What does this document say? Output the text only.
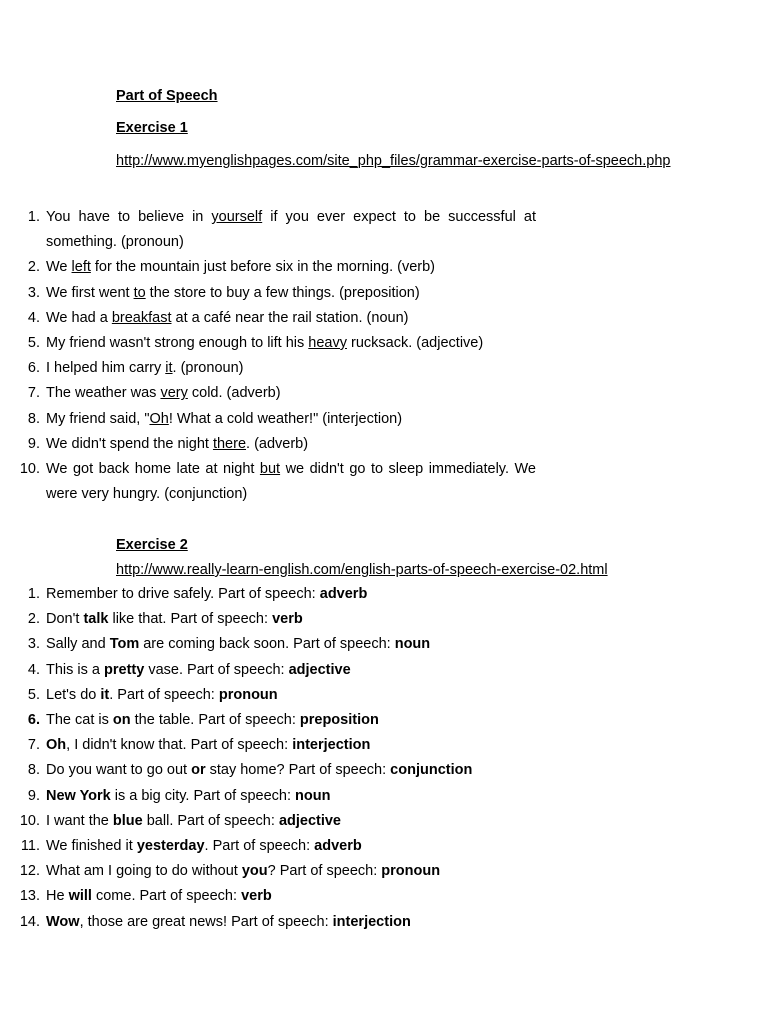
Part of Speech
Exercise 1
http://www.myenglishpages.com/site_php_files/grammar-exercise-parts-of-speech.php
1. You have to believe in yourself if you ever expect to be successful at something. (pronoun)
2. We left for the mountain just before six in the morning. (verb)
3. We first went to the store to buy a few things. (preposition)
4. We had a breakfast at a café near the rail station. (noun)
5. My friend wasn't strong enough to lift his heavy rucksack. (adjective)
6. I helped him carry it. (pronoun)
7. The weather was very cold. (adverb)
8. My friend said, "Oh! What a cold weather!" (interjection)
9. We didn't spend the night there. (adverb)
10. We got back home late at night but we didn't go to sleep immediately. We were very hungry. (conjunction)
Exercise 2
http://www.really-learn-english.com/english-parts-of-speech-exercise-02.html
1. Remember to drive safely. Part of speech: adverb
2. Don't talk like that. Part of speech: verb
3. Sally and Tom are coming back soon. Part of speech: noun
4. This is a pretty vase. Part of speech: adjective
5. Let's do it. Part of speech: pronoun
6. The cat is on the table. Part of speech: preposition
7. Oh, I didn't know that. Part of speech: interjection
8. Do you want to go out or stay home? Part of speech: conjunction
9. New York is a big city. Part of speech: noun
10. I want the blue ball. Part of speech: adjective
11. We finished it yesterday. Part of speech: adverb
12. What am I going to do without you? Part of speech: pronoun
13. He will come. Part of speech: verb
14. Wow, those are great news! Part of speech: interjection
